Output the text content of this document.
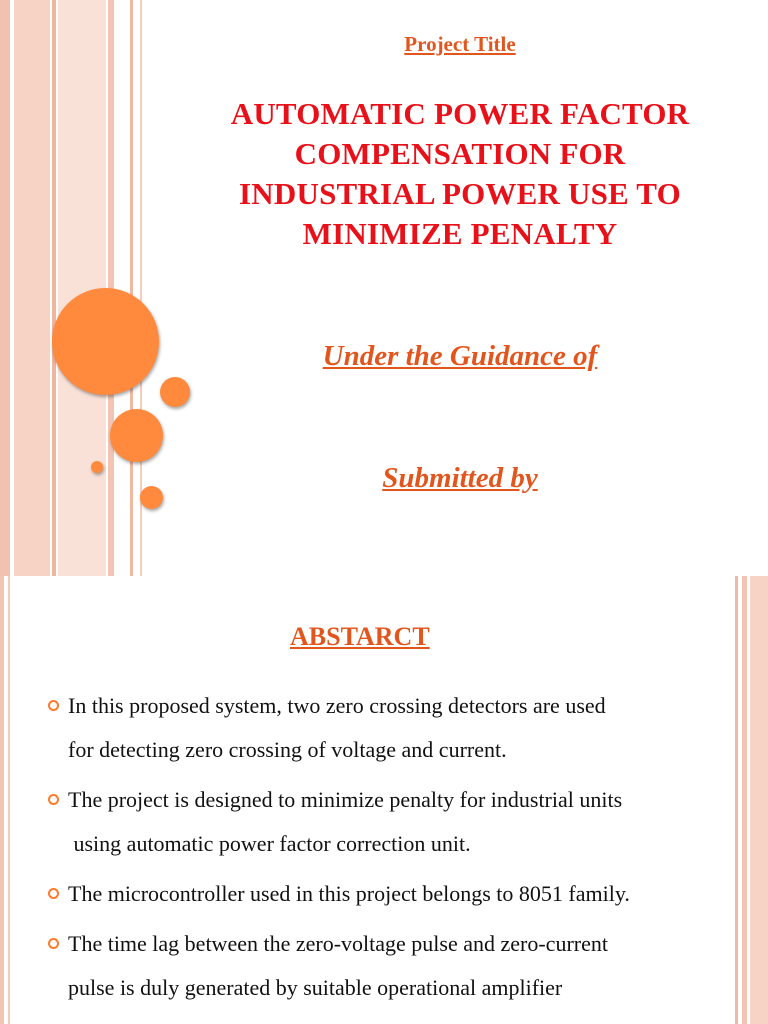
Project Title
AUTOMATIC POWER FACTOR
COMPENSATION FOR
INDUSTRIAL POWER USE TO
MINIMIZE PENALTY
Under the Guidance of
Submitted by
ABSTARCT
In this proposed system, two zero crossing detectors are used
for detecting zero crossing of voltage and current.
The project is designed to minimize penalty for industrial units
using automatic power factor correction unit.
The microcontroller used in this project belongs to 8051 family.
The time lag between the zero-voltage pulse and zero-current
pulse is duly generated by suitable operational amplifier
